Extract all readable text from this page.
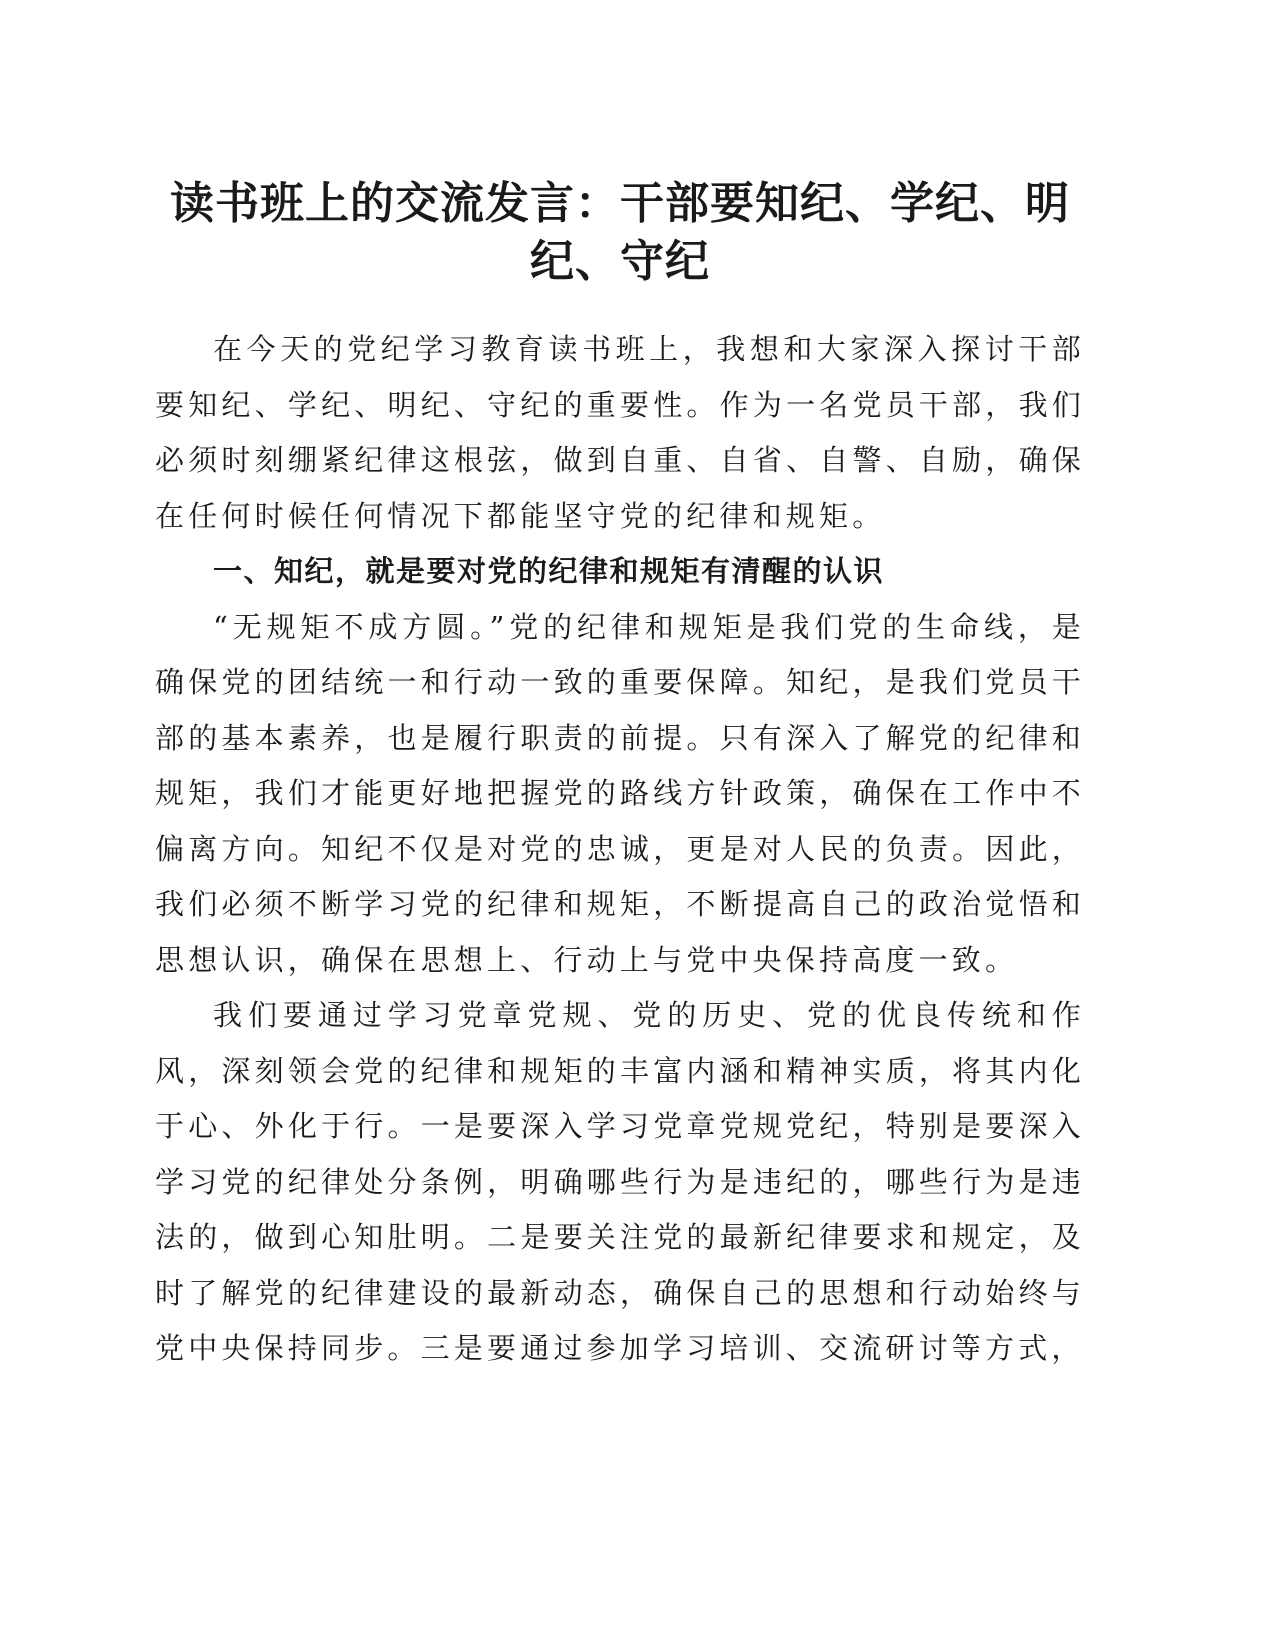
读书班上的交流发言：干部要知纪、学纪、明纪、守纪

在今天的党纪学习教育读书班上，我想和大家深入探讨干部要知纪、学纪、明纪、守纪的重要性。作为一名党员干部，我们必须时刻绷紧纪律这根弦，做到自重、自省、自警、自励，确保在任何时候任何情况下都能坚守党的纪律和规矩。

一、知纪，就是要对党的纪律和规矩有清醒的认识

“无规矩不成方圆。”党的纪律和规矩是我们党的生命线，是确保党的团结统一和行动一致的重要保障。知纪，是我们党员干部的基本素养，也是履行职责的前提。只有深入了解党的纪律和规矩，我们才能更好地把握党的路线方针政策，确保在工作中不偏离方向。知纪不仅是对党的忠诚，更是对人民的负责。因此，我们必须不断学习党的纪律和规矩，不断提高自己的政治觉悟和思想认识，确保在思想上、行动上与党中央保持高度一致。

我们要通过学习党章党规、党的历史、党的优良传统和作风，深刻领会党的纪律和规矩的丰富内涵和精神实质，将其内化于心、外化于行。一是要深入学习党章党规党纪，特别是要深入学习党的纪律处分条例，明确哪些行为是违纪的，哪些行为是违法的，做到心知肚明。二是要关注党的最新纪律要求和规定，及时了解党的纪律建设的最新动态，确保自己的思想和行动始终与党中央保持同步。三是要通过参加学习培训、交流研讨等方式，
